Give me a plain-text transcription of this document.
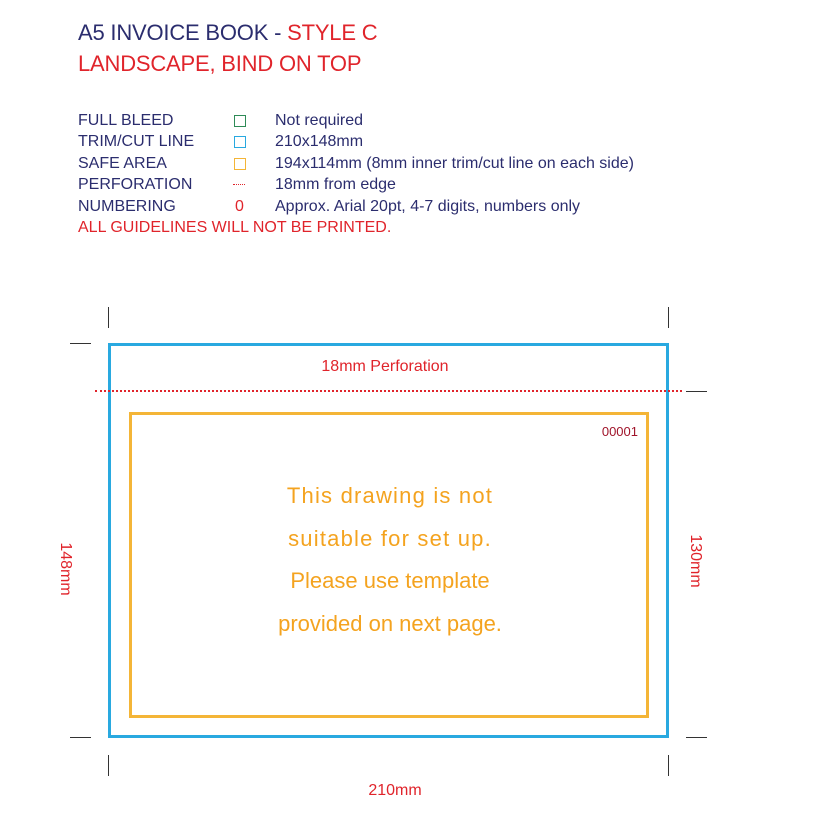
A5 INVOICE BOOK - STYLE C
LANDSCAPE, BIND ON TOP
FULL BLEED	Not required
TRIM/CUT LINE	210x148mm
SAFE AREA	194x114mm (8mm inner trim/cut line on each side)
PERFORATION	18mm from edge
NUMBERING	0 Approx. Arial 20pt, 4-7 digits, numbers only
ALL GUIDELINES WILL NOT BE PRINTED.
18mm Perforation
00001
This drawing is not
suitable for set up.
Please use template
provided on next page.
210mm
148mm	130mm
